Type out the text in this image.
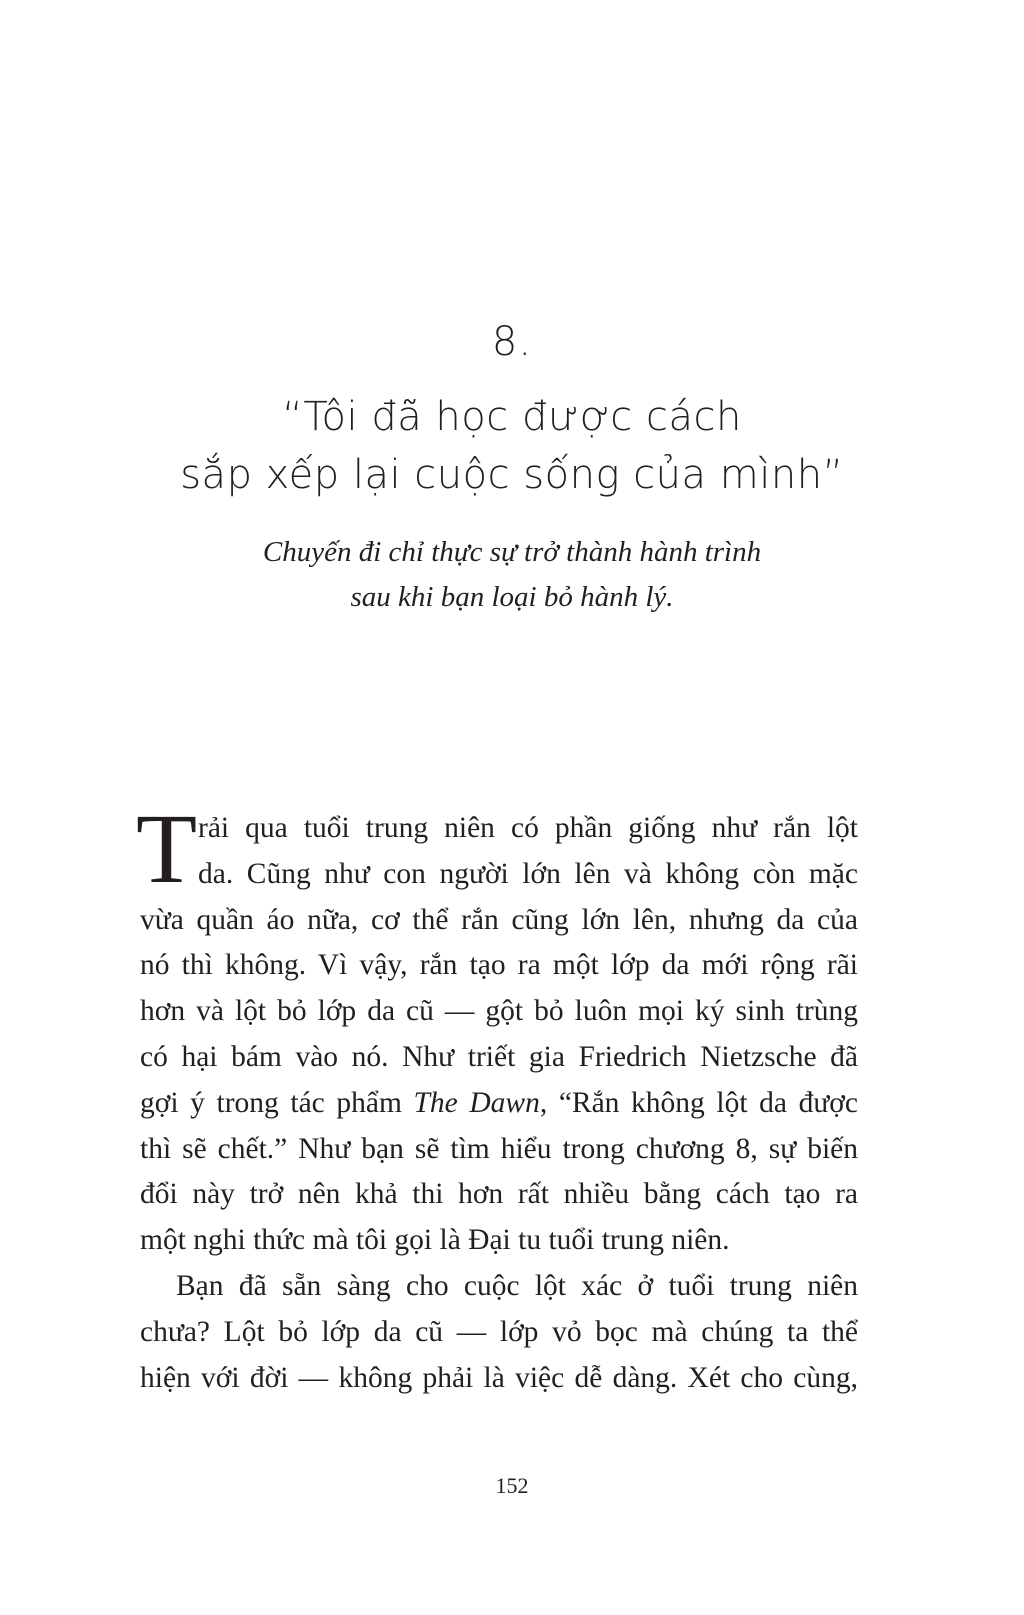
8.
“Tôi đã học được cách
sắp xếp lại cuộc sống của mình”
Chuyến đi chỉ thực sự trở thành hành trình
sau khi bạn loại bỏ hành lý.
T rải qua tuổi trung niên có phần giống như rắn lột
da. Cũng như con người lớn lên và không còn mặc
vừa quần áo nữa, cơ thể rắn cũng lớn lên, nhưng da của
nó thì không. Vì vậy, rắn tạo ra một lớp da mới rộng rãi
hơn và lột bỏ lớp da cũ — gột bỏ luôn mọi ký sinh trùng
có hại bám vào nó. Như triết gia Friedrich Nietzsche đã
gợi ý trong tác phẩm The Dawn, “Rắn không lột da được
thì sẽ chết.” Như bạn sẽ tìm hiểu trong chương 8, sự biến
đổi này trở nên khả thi hơn rất nhiều bằng cách tạo ra
một nghi thức mà tôi gọi là Đại tu tuổi trung niên.
Bạn đã sẵn sàng cho cuộc lột xác ở tuổi trung niên
chưa? Lột bỏ lớp da cũ — lớp vỏ bọc mà chúng ta thể
hiện với đời — không phải là việc dễ dàng. Xét cho cùng,
152
